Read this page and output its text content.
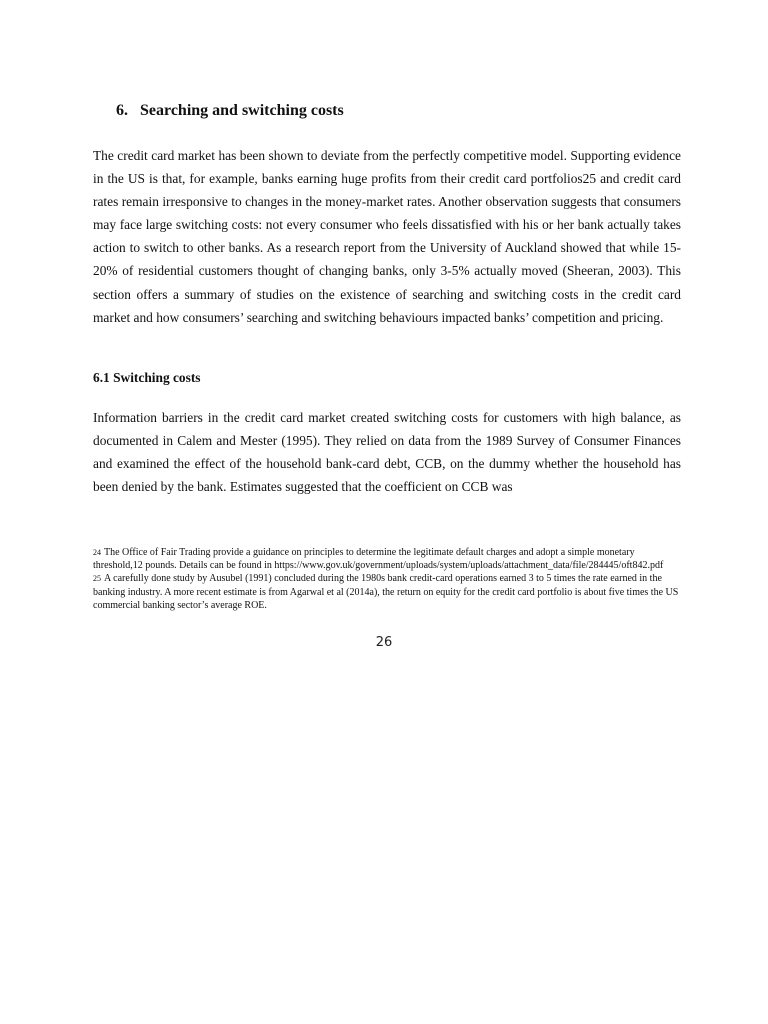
6. Searching and switching costs

The credit card market has been shown to deviate from the perfectly competitive model. Supporting evidence in the US is that, for example, banks earning huge profits from their credit card portfolios25 and credit card rates remain irresponsive to changes in the money-market rates. Another observation suggests that consumers may face large switching costs: not every consumer who feels dissatisfied with his or her bank actually takes action to switch to other banks. As a research report from the University of Auckland showed that while 15-20% of residential customers thought of changing banks, only 3-5% actually moved (Sheeran, 2003). This section offers a summary of studies on the existence of searching and switching costs in the credit card market and how consumers’ searching and switching behaviours impacted banks’ competition and pricing.

6.1 Switching costs

Information barriers in the credit card market created switching costs for customers with high balance, as documented in Calem and Mester (1995). They relied on data from the 1989 Survey of Consumer Finances and examined the effect of the household bank-card debt, CCB, on the dummy whether the household has been denied by the bank. Estimates suggested that the coefficient on CCB was

24 The Office of Fair Trading provide a guidance on principles to determine the legitimate default charges and adopt a simple monetary threshold,12 pounds. Details can be found in https://www.gov.uk/government/uploads/system/uploads/attachment_data/file/284445/oft842.pdf

25 A carefully done study by Ausubel (1991) concluded during the 1980s bank credit-card operations earned 3 to 5 times the rate earned in the banking industry. A more recent estimate is from Agarwal et al (2014a), the return on equity for the credit card portfolio is about five times the US commercial banking sector’s average ROE.

26
